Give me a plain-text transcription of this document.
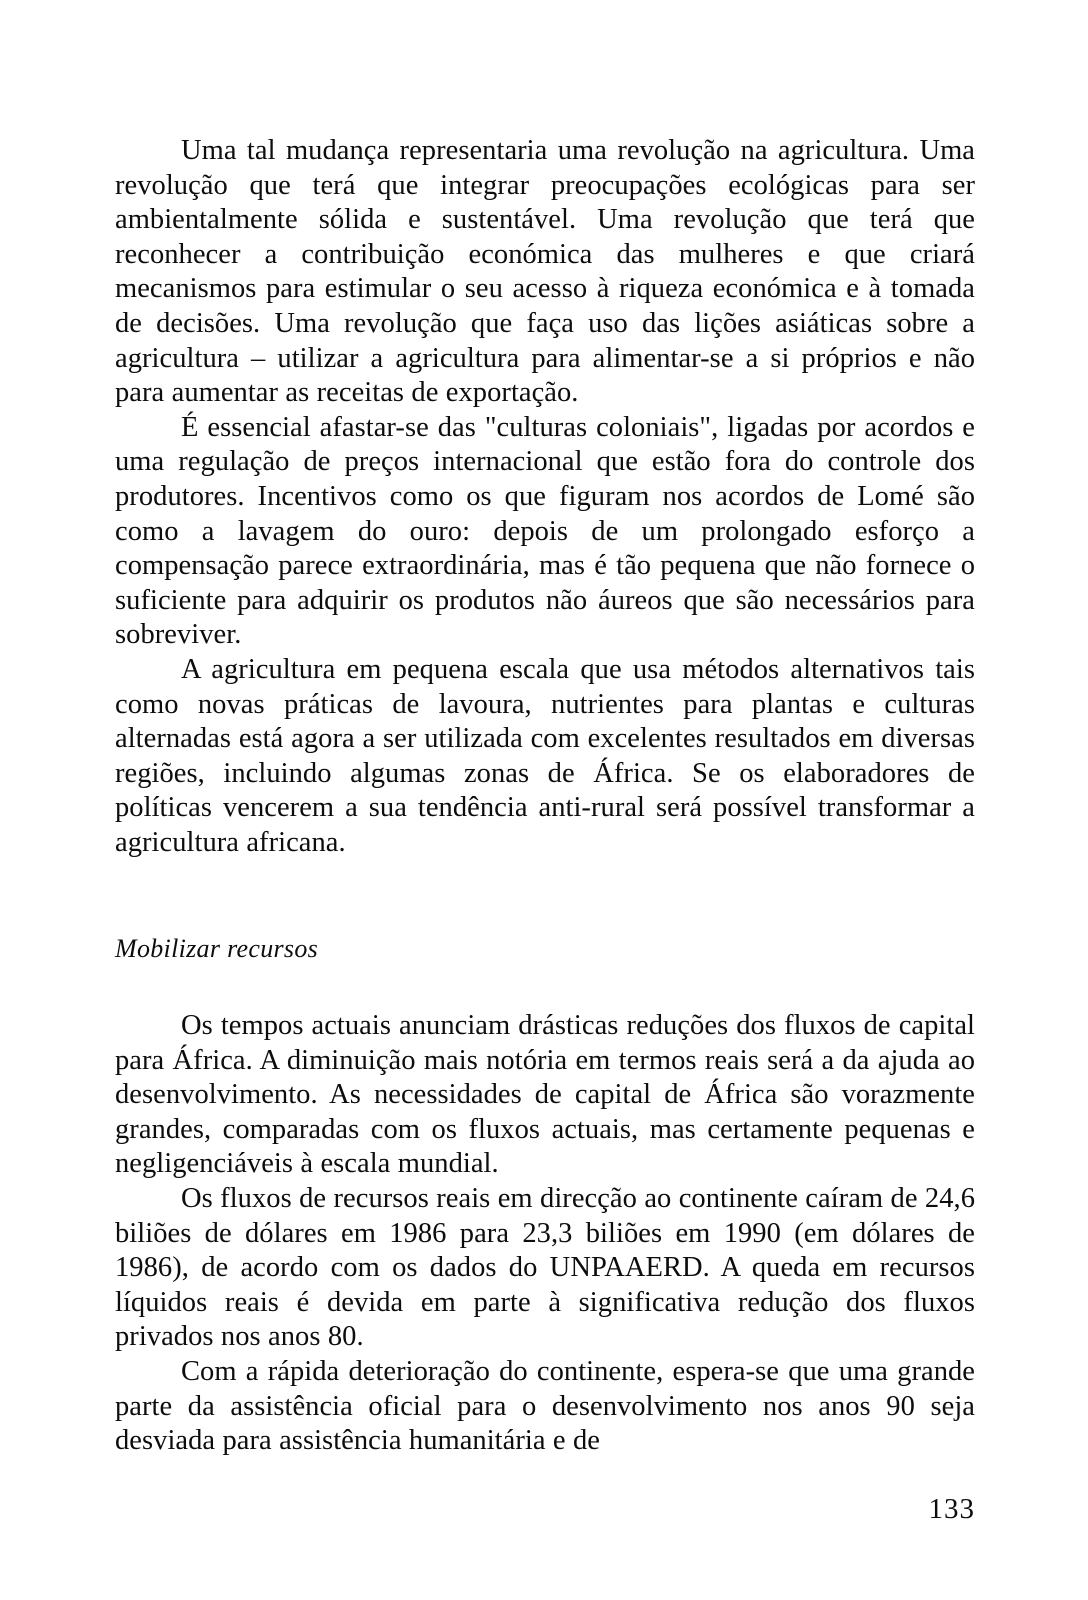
Uma tal mudança representaria uma revolução na agricultura. Uma revolução que terá que integrar preocupações ecológicas para ser ambientalmente sólida e sustentável. Uma revolução que terá que reconhecer a contribuição económica das mulheres e que criará mecanismos para estimular o seu acesso à riqueza económica e à tomada de decisões. Uma revolução que faça uso das lições asiáticas sobre a agricultura – utilizar a agricultura para alimentar-se a si próprios e não para aumentar as receitas de exportação.

É essencial afastar-se das "culturas coloniais", ligadas por acordos e uma regulação de preços internacional que estão fora do controle dos produtores. Incentivos como os que figuram nos acordos de Lomé são como a lavagem do ouro: depois de um prolongado esforço a compensação parece extraordinária, mas é tão pequena que não fornece o suficiente para adquirir os produtos não áureos que são necessários para sobreviver.

A agricultura em pequena escala que usa métodos alternativos tais como novas práticas de lavoura, nutrientes para plantas e culturas alternadas está agora a ser utilizada com excelentes resultados em diversas regiões, incluindo algumas zonas de África. Se os elaboradores de políticas vencerem a sua tendência anti-rural será possível transformar a agricultura africana.

Mobilizar recursos

Os tempos actuais anunciam drásticas reduções dos fluxos de capital para África. A diminuição mais notória em termos reais será a da ajuda ao desenvolvimento. As necessidades de capital de África são vorazmente grandes, comparadas com os fluxos actuais, mas certamente pequenas e negligenciáveis à escala mundial.

Os fluxos de recursos reais em direcção ao continente caíram de 24,6 biliões de dólares em 1986 para 23,3 biliões em 1990 (em dólares de 1986), de acordo com os dados do UNPAAERD. A queda em recursos líquidos reais é devida em parte à significativa redução dos fluxos privados nos anos 80.

Com a rápida deterioração do continente, espera-se que uma grande parte da assistência oficial para o desenvolvimento nos anos 90 seja desviada para assistência humanitária e de

133
